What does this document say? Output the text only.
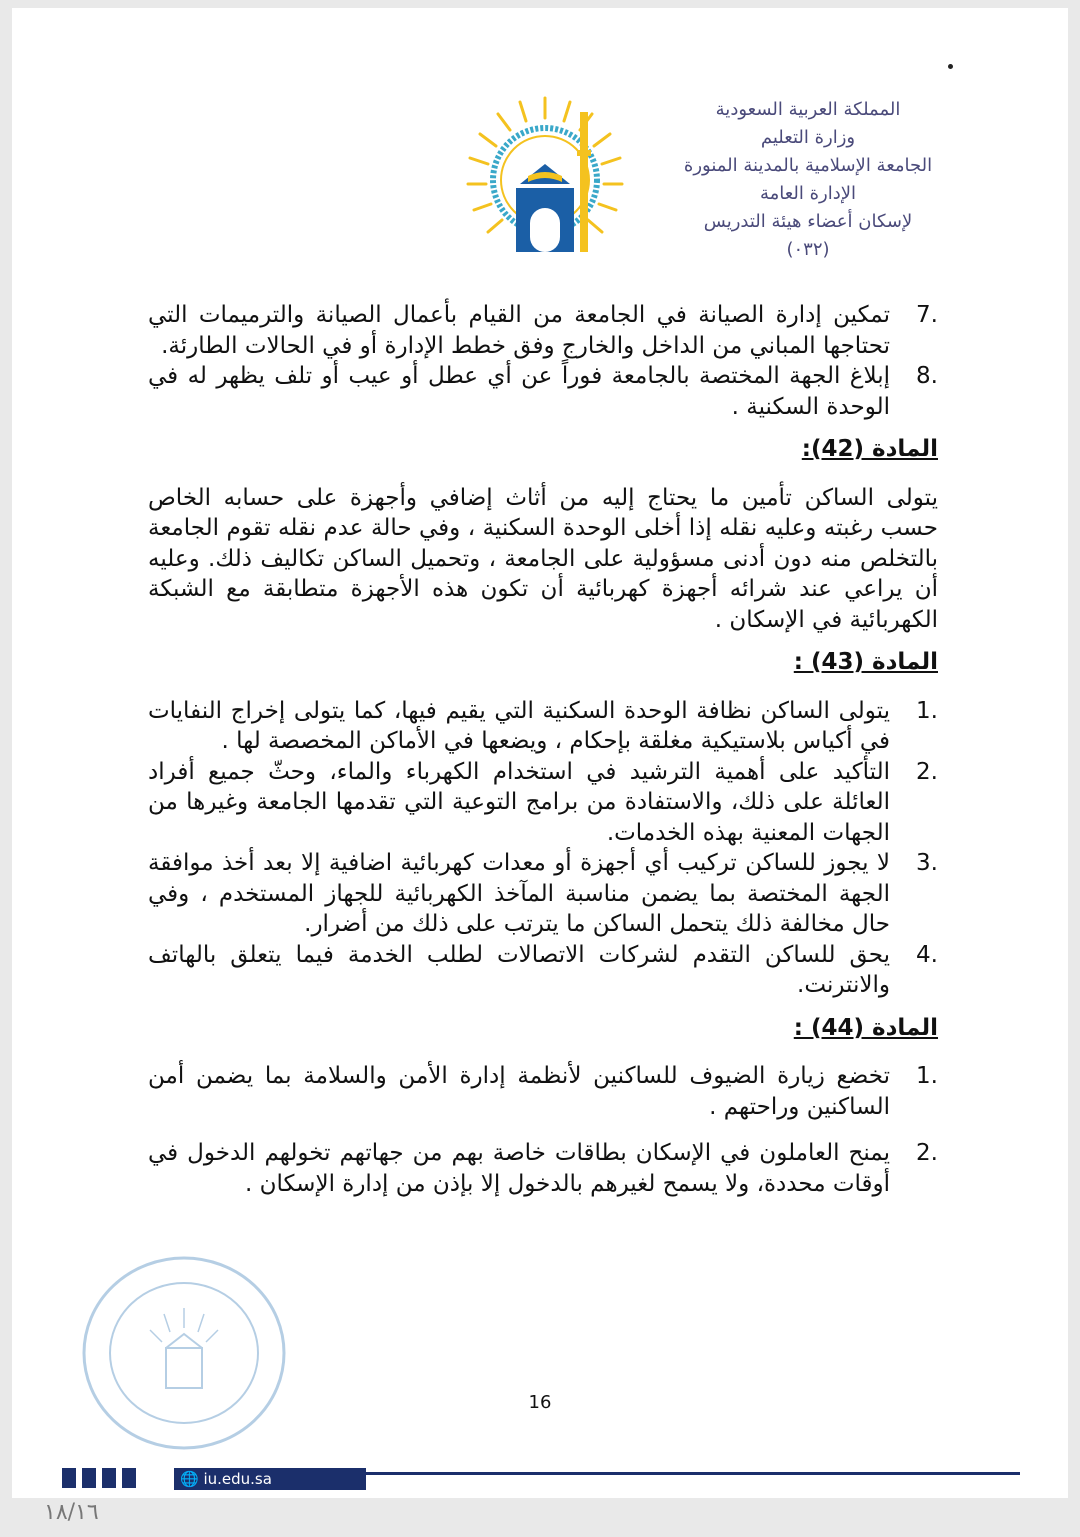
المملكة العربية السعودية
وزارة التعليم
الجامعة الإسلامية بالمدينة المنورة
الإدارة العامة
لإسكان أعضاء هيئة التدريس
(٠٣٢)
7.
تمكين إدارة الصيانة في الجامعة من القيام بأعمال الصيانة والترميمات التي تحتاجها المباني من الداخل والخارج وفق خطط الإدارة أو في الحالات الطارئة.
8.
إبلاغ الجهة المختصة بالجامعة فوراً عن أي عطل أو عيب أو تلف يظهر له في الوحدة السكنية .
المادة (42):
يتولى الساكن تأمين ما يحتاج إليه من أثاث إضافي وأجهزة على حسابه الخاص حسب رغبته وعليه نقله إذا أخلى الوحدة السكنية ، وفي حالة عدم نقله تقوم الجامعة بالتخلص منه دون أدنى مسؤولية على الجامعة ، وتحميل الساكن تكاليف ذلك. وعليه أن يراعي عند شرائه أجهزة كهربائية أن تكون هذه الأجهزة متطابقة مع الشبكة الكهربائية في الإسكان .
المادة (43) :
1.
يتولى الساكن نظافة الوحدة السكنية التي يقيم فيها، كما يتولى إخراج النفايات في أكياس بلاستيكية مغلقة بإحكام ، ويضعها في الأماكن المخصصة لها .
2.
التأكيد على أهمية الترشيد في استخدام الكهرباء والماء، وحثّ جميع أفراد العائلة على ذلك، والاستفادة من برامج التوعية التي تقدمها الجامعة وغيرها من الجهات المعنية بهذه الخدمات.
3.
لا يجوز للساكن تركيب أي أجهزة أو معدات كهربائية اضافية إلا بعد أخذ موافقة الجهة المختصة بما يضمن مناسبة المآخذ الكهربائية للجهاز المستخدم ، وفي حال مخالفة ذلك يتحمل الساكن ما يترتب على ذلك من أضرار.
4.
يحق للساكن التقدم لشركات الاتصالات لطلب الخدمة فيما يتعلق بالهاتف والانترنت.
المادة (44) :
1.
تخضع زيارة الضيوف للساكنين لأنظمة إدارة الأمن والسلامة بما يضمن أمن الساكنين وراحتهم .
2.
يمنح العاملون في الإسكان بطاقات خاصة بهم من جهاتهم تخولهم الدخول في أوقات محددة، ولا يسمح لغيرهم بالدخول إلا بإذن من إدارة الإسكان .
16
🌐 iu.edu.sa
١٨/١٦
